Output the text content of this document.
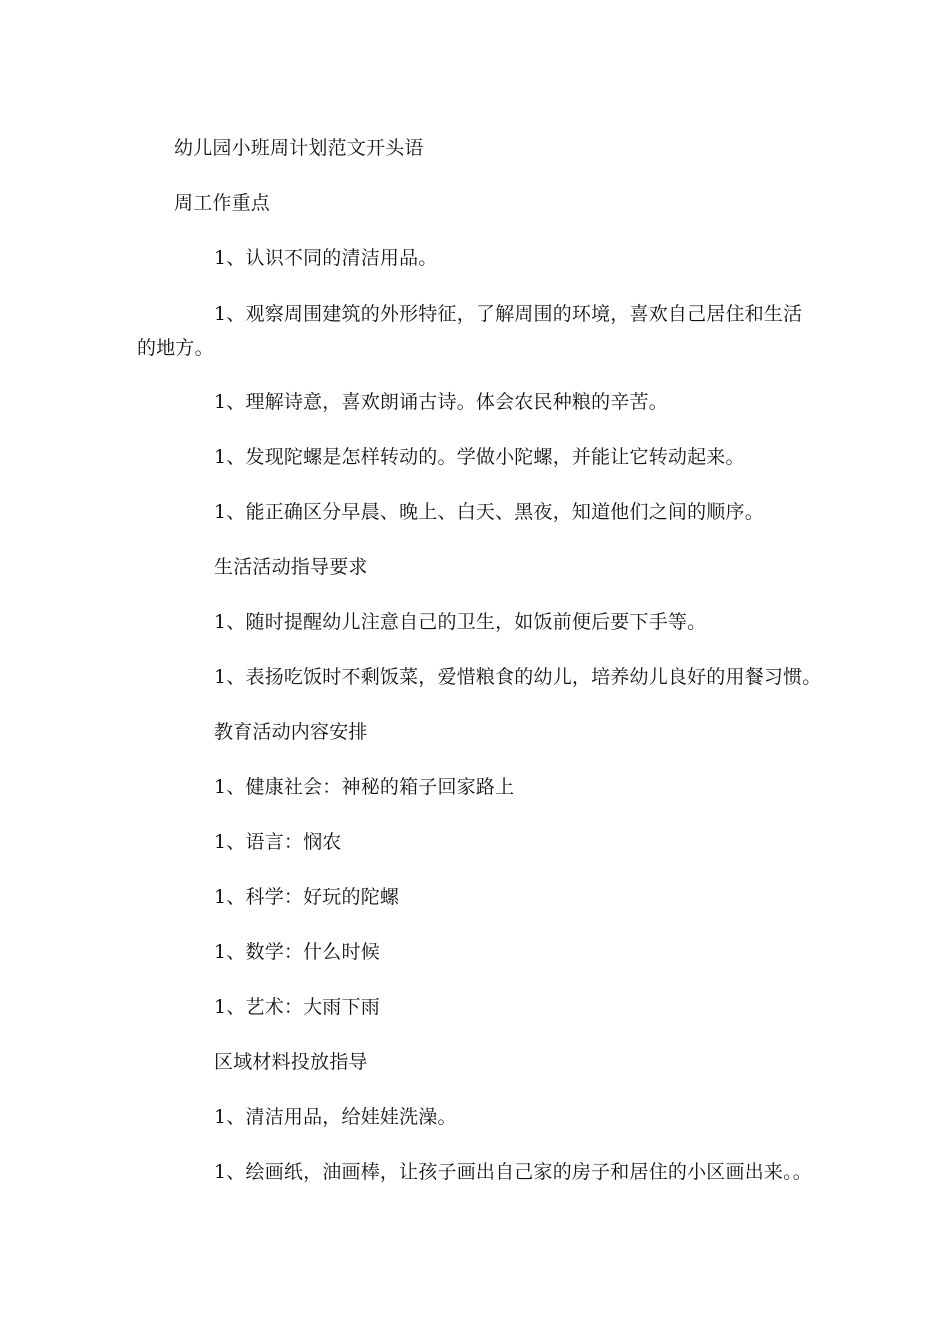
幼儿园小班周计划范文开头语
周工作重点
1、认识不同的清洁用品。
1、观察周围建筑的外形特征，了解周围的环境，喜欢自己居住和生活
的地方。
1、理解诗意，喜欢朗诵古诗。体会农民种粮的辛苦。
1、发现陀螺是怎样转动的。学做小陀螺，并能让它转动起来。
1、能正确区分早晨、晚上、白天、黑夜，知道他们之间的顺序。
生活活动指导要求
1、随时提醒幼儿注意自己的卫生，如饭前便后要下手等。
1、表扬吃饭时不剩饭菜，爱惜粮食的幼儿，培养幼儿良好的用餐习惯。
教育活动内容安排
1、健康社会：神秘的箱子回家路上
1、语言：悯农
1、科学：好玩的陀螺
1、数学：什么时候
1、艺术：大雨下雨
区域材料投放指导
1、清洁用品，给娃娃洗澡。
1、绘画纸，油画棒，让孩子画出自己家的房子和居住的小区画出来。。
